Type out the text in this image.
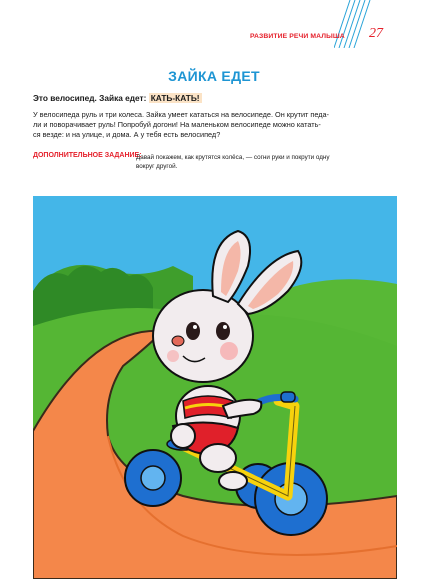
РАЗВИТИЕ РЕЧИ МАЛЫША 27
ЗАЙКА ЕДЕТ
Это велосипед. Зайка едет: КАТЬ-КАТЬ!
У велосипеда руль и три колеса. Зайка умеет кататься на велосипеде. Он крутит педа-
ли и поворачивает руль! Попробуй догони! На маленьком велосипеде можно катать-
ся везде: и на улице, и дома. А у тебя есть велосипед?
ДОПОЛНИТЕЛЬНОЕ ЗАДАНИЕ:
Давай покажем, как крутятся колёса, — согни руки и покрути одну
вокруг другой.
